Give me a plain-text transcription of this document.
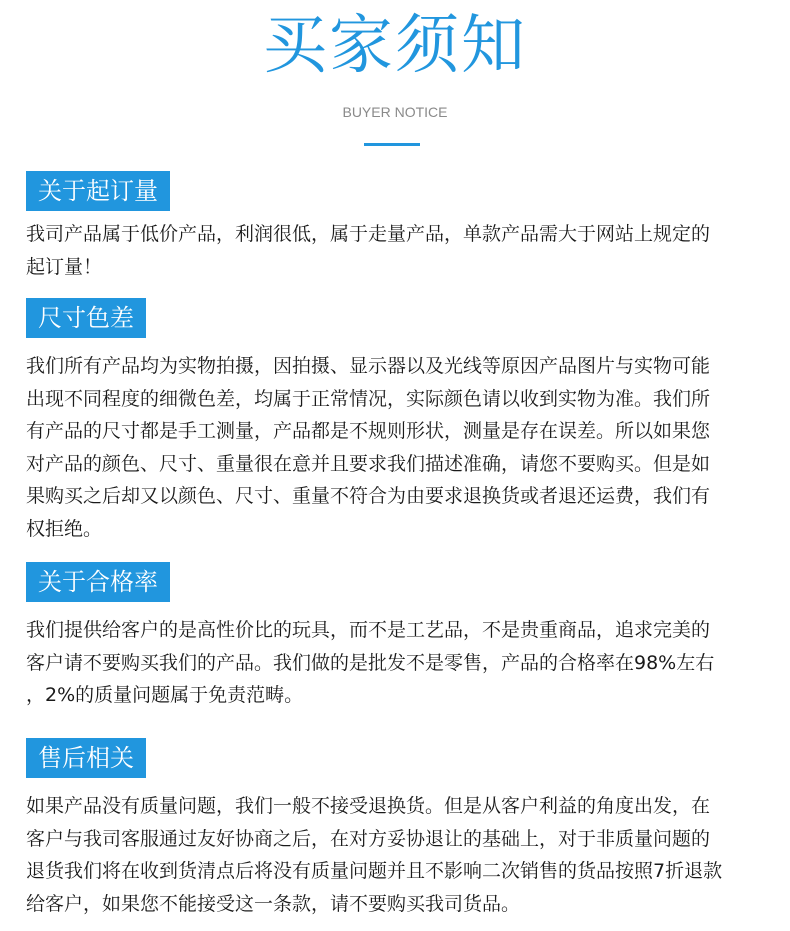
买家须知
BUYER NOTICE
关于起订量
我司产品属于低价产品，利润很低，属于走量产品，单款产品需大于网站上规定的
起订量！
尺寸色差
我们所有产品均为实物拍摄，因拍摄、显示器以及光线等原因产品图片与实物可能
出现不同程度的细微色差，均属于正常情况，实际颜色请以收到实物为准。我们所
有产品的尺寸都是手工测量，产品都是不规则形状，测量是存在误差。所以如果您
对产品的颜色、尺寸、重量很在意并且要求我们描述准确，请您不要购买。但是如
果购买之后却又以颜色、尺寸、重量不符合为由要求退换货或者退还运费，我们有
权拒绝。
关于合格率
我们提供给客户的是高性价比的玩具，而不是工艺品，不是贵重商品，追求完美的
客户请不要购买我们的产品。我们做的是批发不是零售，产品的合格率在98%左右
，2%的质量问题属于免责范畴。
售后相关
如果产品没有质量问题，我们一般不接受退换货。但是从客户利益的角度出发，在
客户与我司客服通过友好协商之后，在对方妥协退让的基础上，对于非质量问题的
退货我们将在收到货清点后将没有质量问题并且不影响二次销售的货品按照7折退款
给客户，如果您不能接受这一条款，请不要购买我司货品。
